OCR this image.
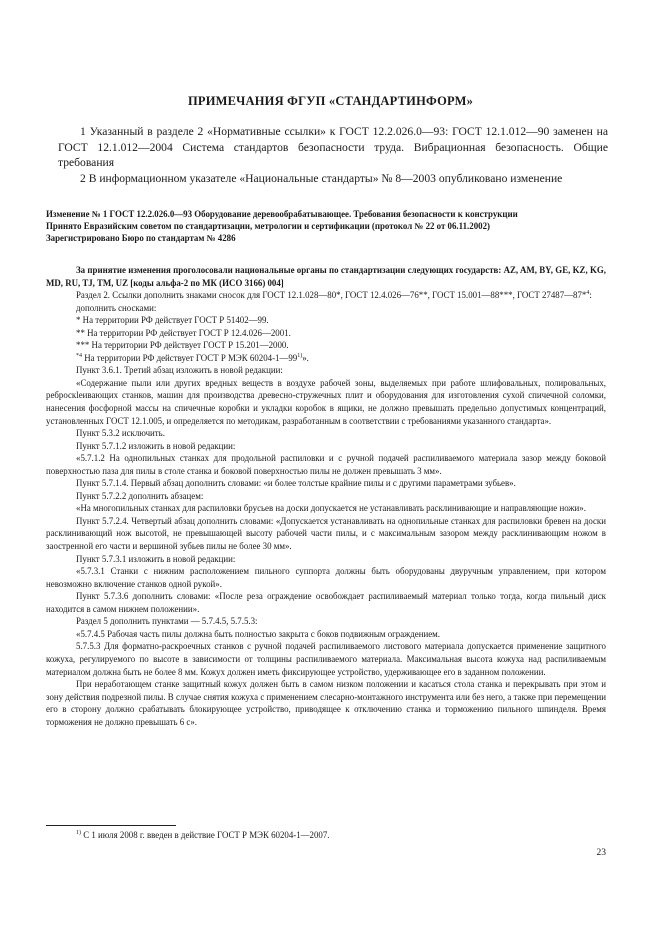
ПРИМЕЧАНИЯ ФГУП «СТАНДАРТИНФОРМ»

1 Указанный в разделе 2 «Нормативные ссылки» к ГОСТ 12.2.026.0—93: ГОСТ 12.1.012—90 заменен на ГОСТ 12.1.012—2004 Система стандартов безопасности труда. Вибрационная безопасность. Общие требования

2 В информационном указателе «Национальные стандарты» № 8—2003 опубликовано изменение

Изменение № 1 ГОСТ 12.2.026.0—93 Оборудование деревообрабатывающее. Требования безопасности к конструкции

Принято Евразийским советом по стандартизации, метрологии и сертификации (протокол № 22 от 06.11.2002)

Зарегистрировано Бюро по стандартам № 4286

За принятие изменения проголосовали национальные органы по стандартизации следующих государств: AZ, AM, BY, GE, KZ, KG, MD, RU, TJ, TM, UZ [коды альфа-2 по МК (ИСО 3166) 004]

Раздел 2. Ссылки дополнить знаками сносок для ГОСТ 12.1.028—80*, ГОСТ 12.4.026—76**, ГОСТ 15.001—88***, ГОСТ 27487—87*$^4$:

дополнить сносками:

* На территории РФ действует ГОСТ Р 51402—99.

** На территории РФ действует ГОСТ Р 12.4.026—2001.

*** На территории РФ действует ГОСТ Р 15.201—2000.

$^{*4}$ На территории РФ действует ГОСТ Р МЭК 60204-1—99$^{1)}$».

Пункт 3.6.1. Третий абзац изложить в новой редакции:

«Содержание пыли или других вредных веществ в воздухе рабочей зоны, выделяемых при работе шлифовальных, полировальных, реброскleивающих станков, машин для производства древесно-стружечных плит и оборудования для изготовления сухой спичечной соломки, нанесения фосфорной массы на спичечные коробки и укладки коробок в ящики, не должно превышать предельно допустимых концентраций, установленных ГОСТ 12.1.005, и определяется по методикам, разработанным в соответствии с требованиями указанного стандарта».

Пункт 5.3.2 исключить.

Пункт 5.7.1.2 изложить в новой редакции:

«5.7.1.2 На однопильных станках для продольной распиловки и с ручной подачей распиливаемого материала зазор между боковой поверхностью паза для пилы в столе станка и боковой поверхностью пилы не должен превышать 3 мм».

Пункт 5.7.1.4. Первый абзац дополнить словами: «и более толстые крайние пилы и с другими параметрами зубьев».

Пункт 5.7.2.2 дополнить абзацем:

«На многопильных станках для распиловки брусьев на доски допускается не устанавливать расклинивающие и направляющие ножи».

Пункт 5.7.2.4. Четвертый абзац дополнить словами: «Допускается устанавливать на однопильные станках для распиловки бревен на доски расклинивающий нож высотой, не превышающей высоту рабочей части пилы, и с максимальным зазором между расклинивающим ножом в заостренной его части и вершиной зубьев пилы не более 30 мм».

Пункт 5.7.3.1 изложить в новой редакции:

«5.7.3.1 Станки с нижним расположением пильного суппорта должны быть оборудованы двуручным управлением, при котором невозможно включение станков одной рукой».

Пункт 5.7.3.6 дополнить словами: «После реза ограждение освобождает распиливаемый материал только тогда, когда пильный диск находится в самом нижнем положении».

Раздел 5 дополнить пунктами — 5.7.4.5, 5.7.5.3:

«5.7.4.5 Рабочая часть пилы должна быть полностью закрыта с боков подвижным ограждением.

5.7.5.3 Для форматно-раскроечных станков с ручной подачей распиливаемого листового материала допускается применение защитного кожуха, регулируемого по высоте в зависимости от толщины распиливаемого материала. Максимальная высота кожуха над распиливаемым материалом должна быть не более 8 мм. Кожух должен иметь фиксирующее устройство, удерживающее его в заданном положении.

При неработающем станке защитный кожух должен быть в самом низком положении и касаться стола станка и перекрывать при этом и зону действия подрезной пилы. В случае снятия кожуха с применением слесарно-монтажного инструмента или без него, а также при перемещении его в сторону должно срабатывать блокирующее устройство, приводящее к отключению станка и торможению пильного шпинделя. Время торможения не должно превышать 6 с».

$^{1)}$ С 1 июля 2008 г. введен в действие ГОСТ Р МЭК 60204-1—2007.
23
